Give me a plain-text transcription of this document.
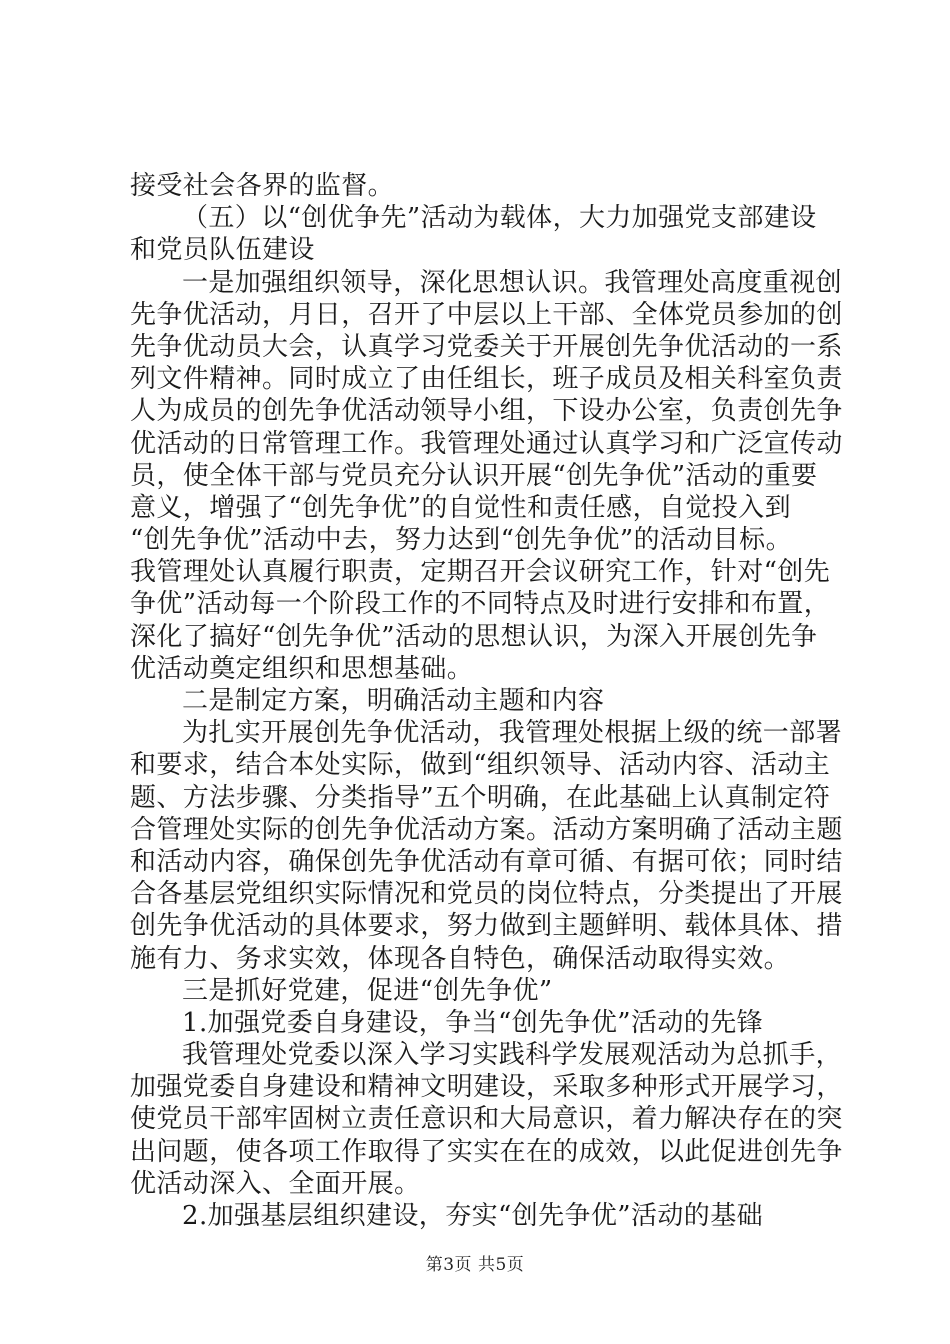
接受社会各界的监督。
（五）以“创优争先”活动为载体，大力加强党支部建设
和党员队伍建设
一是加强组织领导，深化思想认识。我管理处高度重视创
先争优活动，月日，召开了中层以上干部、全体党员参加的创
先争优动员大会，认真学习党委关于开展创先争优活动的一系
列文件精神。同时成立了由任组长，班子成员及相关科室负责
人为成员的创先争优活动领导小组，下设办公室，负责创先争
优活动的日常管理工作。我管理处通过认真学习和广泛宣传动
员，使全体干部与党员充分认识开展“创先争优”活动的重要
意义，增强了“创先争优”的自觉性和责任感，自觉投入到
“创先争优”活动中去，努力达到“创先争优”的活动目标。
我管理处认真履行职责，定期召开会议研究工作，针对“创先
争优”活动每一个阶段工作的不同特点及时进行安排和布置，
深化了搞好“创先争优”活动的思想认识，为深入开展创先争
优活动奠定组织和思想基础。
二是制定方案，明确活动主题和内容
为扎实开展创先争优活动，我管理处根据上级的统一部署
和要求，结合本处实际，做到“组织领导、活动内容、活动主
题、方法步骤、分类指导”五个明确，在此基础上认真制定符
合管理处实际的创先争优活动方案。活动方案明确了活动主题
和活动内容，确保创先争优活动有章可循、有据可依；同时结
合各基层党组织实际情况和党员的岗位特点，分类提出了开展
创先争优活动的具体要求，努力做到主题鲜明、载体具体、措
施有力、务求实效，体现各自特色，确保活动取得实效。
三是抓好党建，促进“创先争优”
1.加强党委自身建设，争当“创先争优”活动的先锋
我管理处党委以深入学习实践科学发展观活动为总抓手，
加强党委自身建设和精神文明建设，采取多种形式开展学习，
使党员干部牢固树立责任意识和大局意识，着力解决存在的突
出问题，使各项工作取得了实实在在的成效，以此促进创先争
优活动深入、全面开展。
2.加强基层组织建设，夯实“创先争优”活动的基础
第3页 共5页
